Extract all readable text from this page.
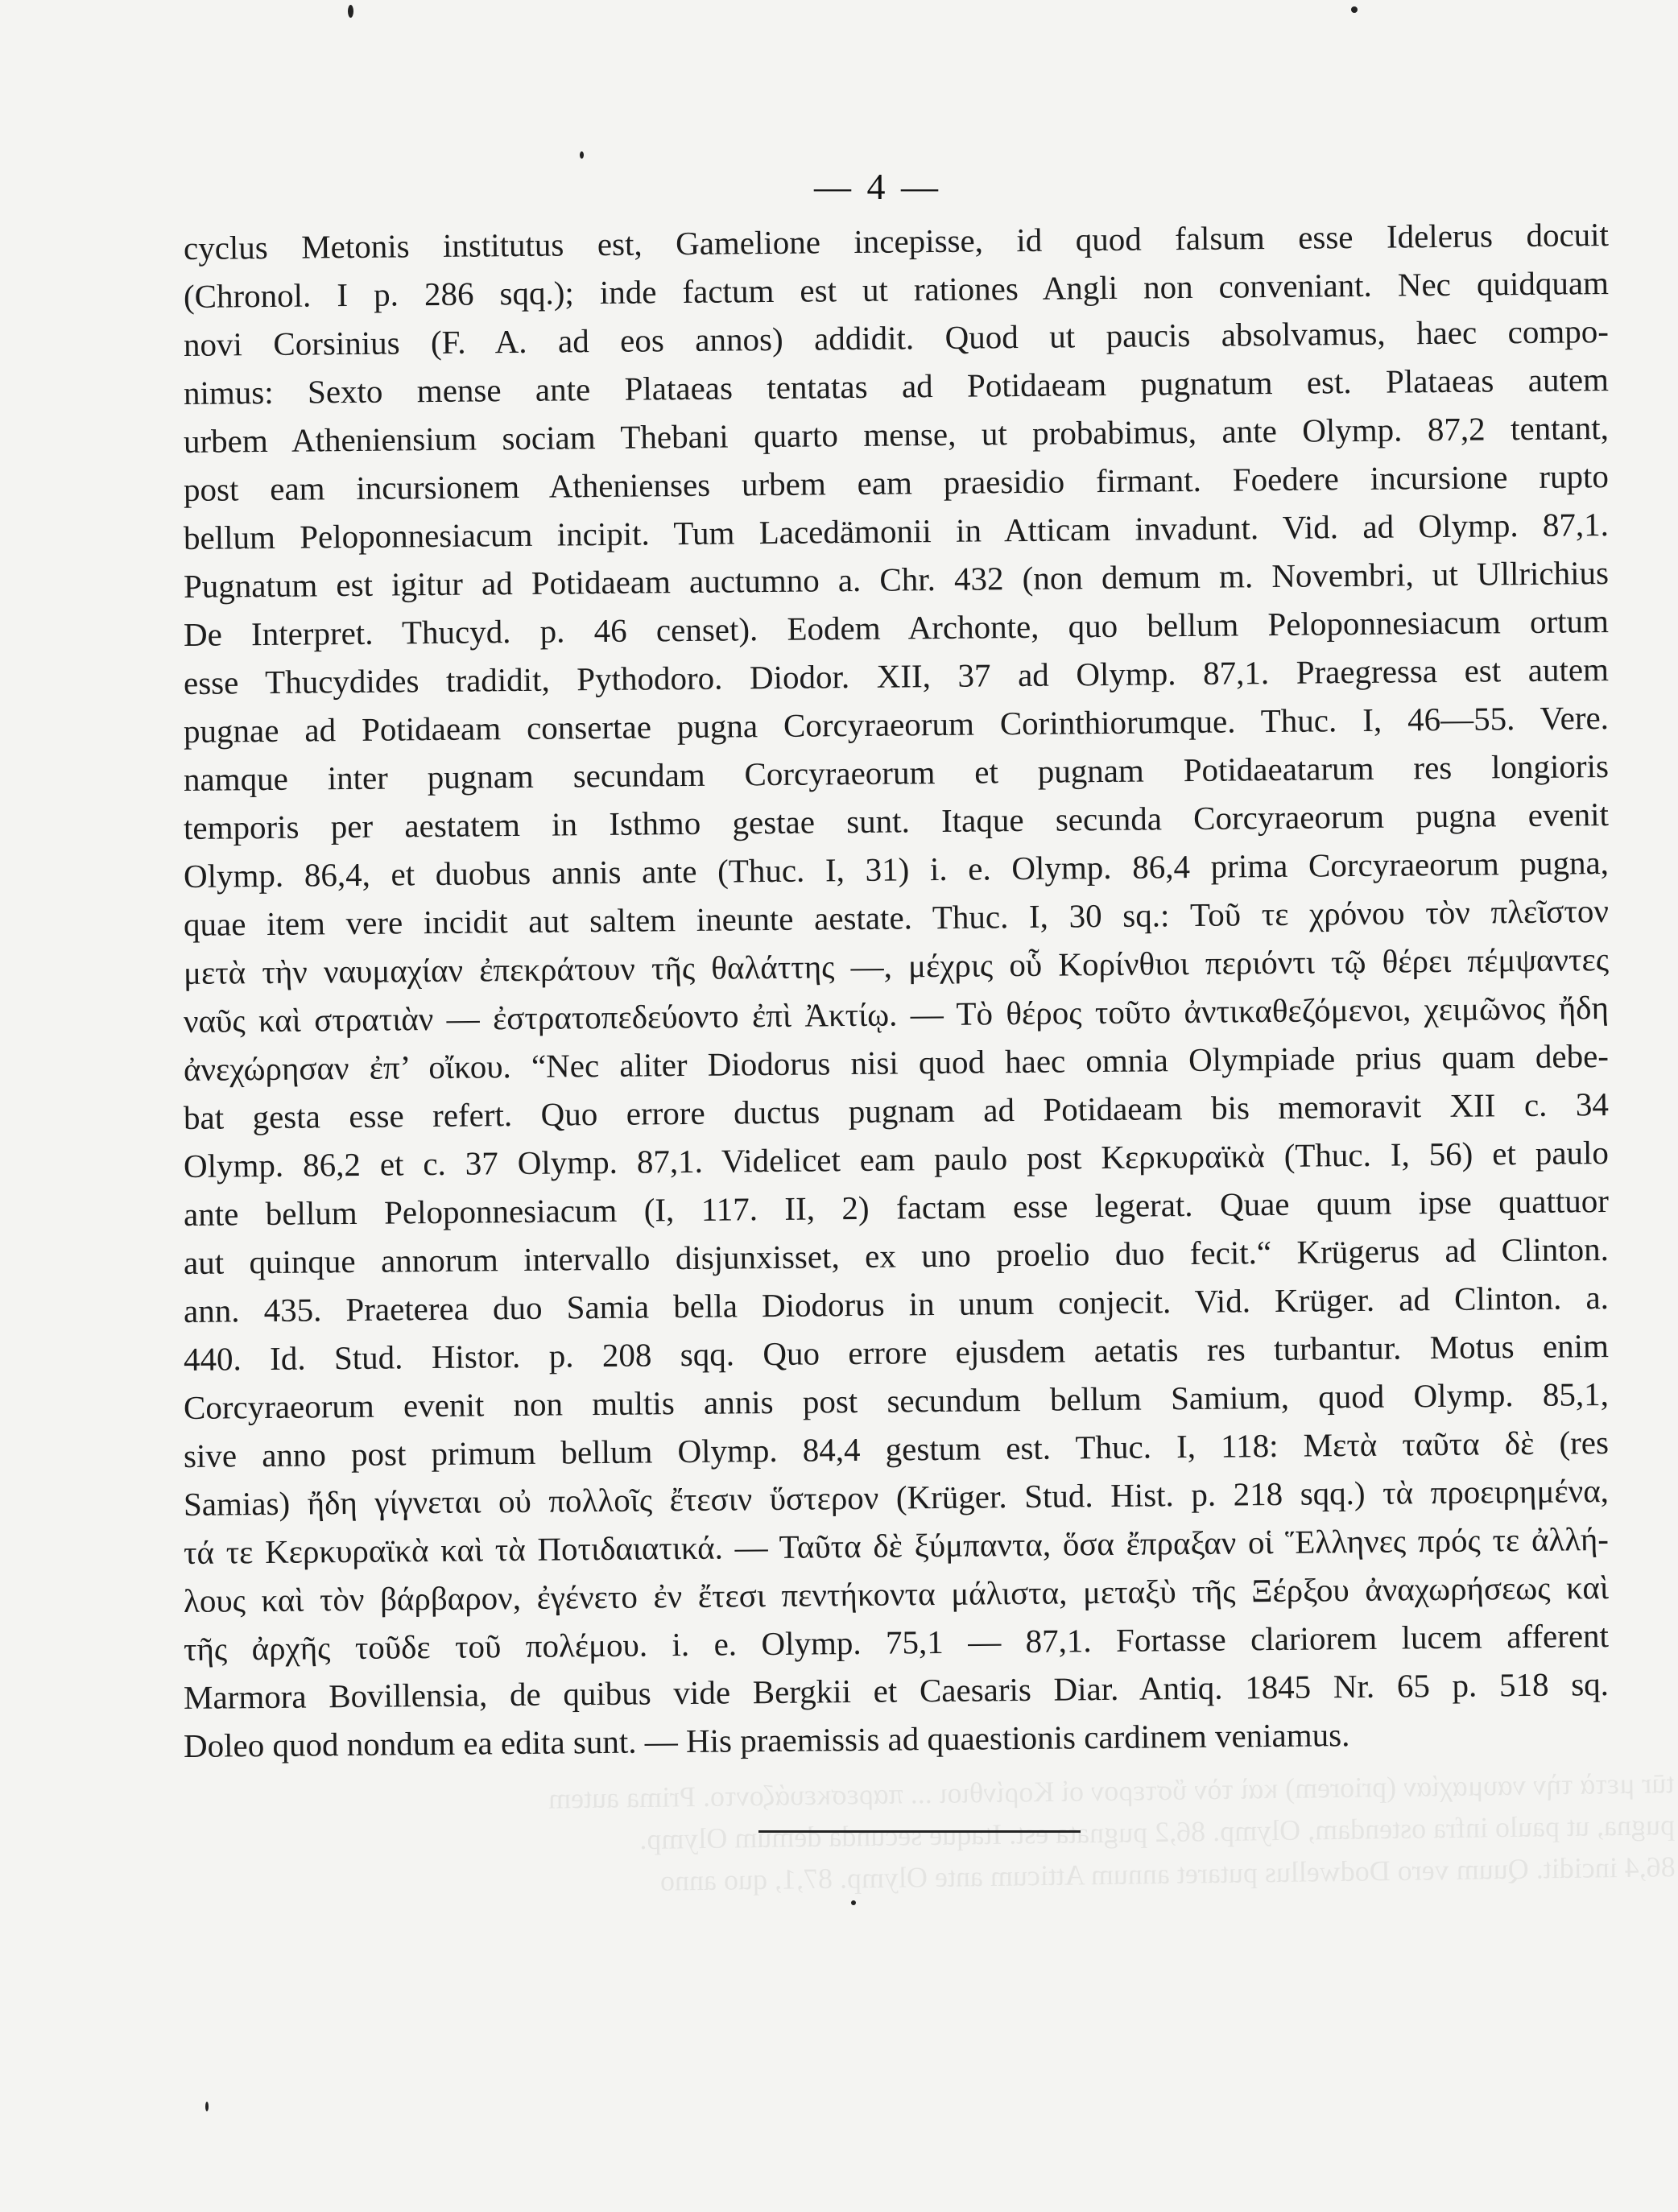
tūr μετὰ τὴν ναυμαχίαν (priorem) καὶ τὸν ὕστερον οἱ Κορίνθιοι ... παρεσκευάζοντο. Prima autem
pugna, ut paulo infra ostendam, Olymp. 86,2 pugnata est. Itaque secunda demum Olymp.
86,4 incidit. Quum vero Dodwellus putaret annum Atticum ante Olymp. 87,1, quo anno
— 4 —
cyclus Metonis institutus est, Gamelione incepisse, id quod falsum esse Idelerus docuit
(Chronol. I p. 286 sqq.); inde factum est ut rationes Angli non conveniant. Nec quidquam
novi Corsinius (F. A. ad eos annos) addidit. Quod ut paucis absolvamus, haec compo-
nimus: Sexto mense ante Plataeas tentatas ad Potidaeam pugnatum est. Plataeas autem
urbem Atheniensium sociam Thebani quarto mense, ut probabimus, ante Olymp. 87,2 tentant,
post eam incursionem Athenienses urbem eam praesidio firmant. Foedere incursione rupto
bellum Peloponnesiacum incipit. Tum Lacedämonii in Atticam invadunt. Vid. ad Olymp. 87,1.
Pugnatum est igitur ad Potidaeam auctumno a. Chr. 432 (non demum m. Novembri, ut Ullrichius
De Interpret. Thucyd. p. 46 censet). Eodem Archonte, quo bellum Peloponnesiacum ortum
esse Thucydides tradidit, Pythodoro. Diodor. XII, 37 ad Olymp. 87,1. Praegressa est autem
pugnae ad Potidaeam consertae pugna Corcyraeorum Corinthiorumque. Thuc. I, 46—55. Vere.
namque inter pugnam secundam Corcyraeorum et pugnam Potidaeatarum res longioris
temporis per aestatem in Isthmo gestae sunt. Itaque secunda Corcyraeorum pugna evenit
Olymp. 86,4, et duobus annis ante (Thuc. I, 31) i. e. Olymp. 86,4 prima Corcyraeorum pugna,
quae item vere incidit aut saltem ineunte aestate. Thuc. I, 30 sq.: Τοῦ τε χρόνου τὸν πλεῖστον
μετὰ τὴν ναυμαχίαν ἐπεκράτουν τῆς θαλάττης —, μέχρις οὗ Κορίνθιοι περιόντι τῷ θέρει πέμψαντες
ναῦς καὶ στρατιὰν — ἐστρατοπεδεύοντο ἐπὶ Ἀκτίῳ. — Τὸ θέρος τοῦτο ἀντικαθεζόμενοι, χειμῶνος ἤδη
ἀνεχώρησαν ἐπ’ οἴκου. “Nec aliter Diodorus nisi quod haec omnia Olympiade prius quam debe-
bat gesta esse refert. Quo errore ductus pugnam ad Potidaeam bis memoravit XII c. 34
Olymp. 86,2 et c. 37 Olymp. 87,1. Videlicet eam paulo post Κερκυραϊκὰ (Thuc. I, 56) et paulo
ante bellum Peloponnesiacum (I, 117. II, 2) factam esse legerat. Quae quum ipse quattuor
aut quinque annorum intervallo disjunxisset, ex uno proelio duo fecit.“ Krügerus ad Clinton.
ann. 435. Praeterea duo Samia bella Diodorus in unum conjecit. Vid. Krüger. ad Clinton. a.
440. Id. Stud. Histor. p. 208 sqq. Quo errore ejusdem aetatis res turbantur. Motus enim
Corcyraeorum evenit non multis annis post secundum bellum Samium, quod Olymp. 85,1,
sive anno post primum bellum Olymp. 84,4 gestum est. Thuc. I, 118: Μετὰ ταῦτα δὲ (res
Samias) ἤδη γίγνεται οὐ πολλοῖς ἔτεσιν ὕστερον (Krüger. Stud. Hist. p. 218 sqq.) τὰ προειρημένα,
τά τε Κερκυραϊκὰ καὶ τὰ Ποτιδαιατικά. — Ταῦτα δὲ ξύμπαντα, ὅσα ἔπραξαν οἱ Ἕλληνες πρός τε ἀλλή-
λους καὶ τὸν βάρβαρον, ἐγένετο ἐν ἔτεσι πεντήκοντα μάλιστα, μεταξὺ τῆς Ξέρξου ἀναχωρήσεως καὶ
τῆς ἀρχῆς τοῦδε τοῦ πολέμου. i. e. Olymp. 75,1 — 87,1. Fortasse clariorem lucem afferent
Marmora Bovillensia, de quibus vide Bergkii et Caesaris Diar. Antiq. 1845 Nr. 65 p. 518 sq.
Doleo quod nondum ea edita sunt. — His praemissis ad quaestionis cardinem veniamus.
